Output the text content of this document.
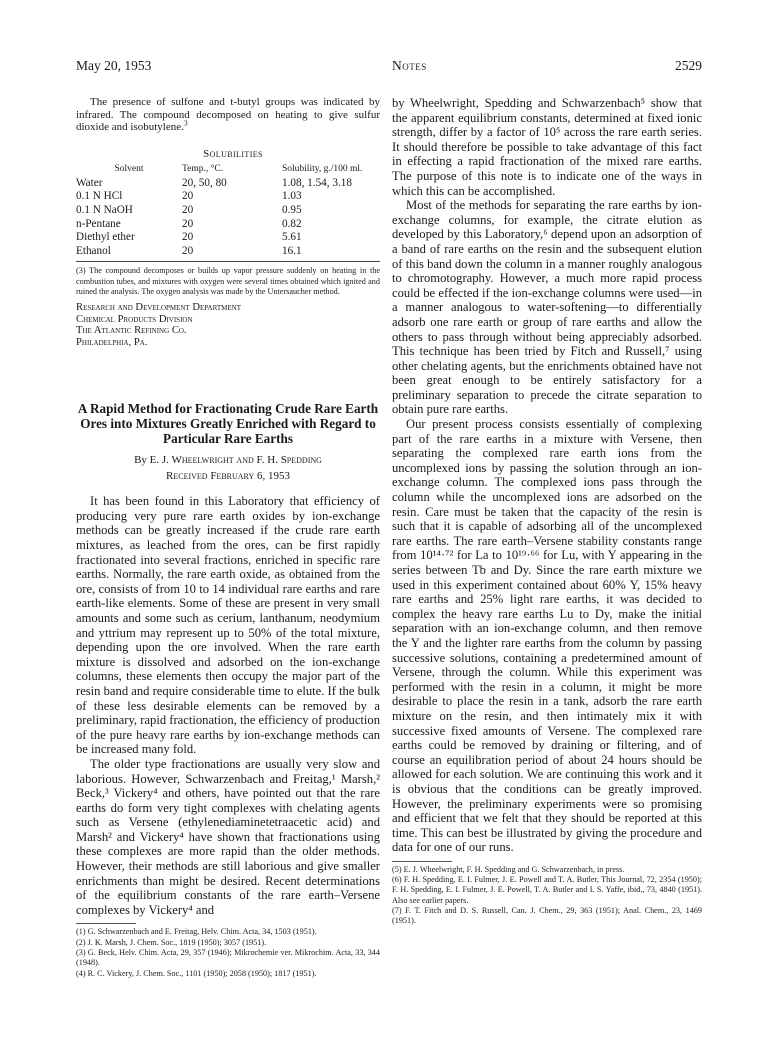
May 20, 1953	Notes	2529

The presence of sulfone and t-butyl groups was indicated by infrared. The compound decomposed on heating to give sulfur dioxide and isobutylene.$^3$

Solubilities
Solvent	Temp., °C.	Solubility, g./100 ml.
Water	20, 50, 80	1.08, 1.54, 3.18
0.1 N HCl	20	1.03
0.1 N NaOH	20	0.95
n-Pentane	20	0.82
Diethyl ether	20	5.61
Ethanol	20	16.1

(3) The compound decomposes or builds up vapor pressure suddenly on heating in the combustion tubes, and mixtures with oxygen were several times obtained which ignited and ruined the analysis. The oxygen analysis was made by the Untersaucher method.

Research and Development Department
Chemical Products Division
The Atlantic Refining Co.
Philadelphia, Pa.
A Rapid Method for Fractionating Crude Rare Earth Ores into Mixtures Greatly Enriched with Regard to Particular Rare Earths
By E. J. Wheelwright and F. H. Spedding
Received February 6, 1953

It has been found in this Laboratory that efficiency of producing very pure rare earth oxides by ion-exchange methods can be greatly increased if the crude rare earth mixtures, as leached from the ores, can be first rapidly fractionated into several fractions, enriched in specific rare earths. Normally, the rare earth oxide, as obtained from the ore, consists of from 10 to 14 individual rare earths and rare earth-like elements. Some of these are present in very small amounts and some such as cerium, lanthanum, neodymium and yttrium may represent up to 50% of the total mixture, depending upon the ore involved. When the rare earth mixture is dissolved and adsorbed on the ion-exchange columns, these elements then occupy the major part of the resin band and require considerable time to elute. If the bulk of these less desirable elements can be removed by a preliminary, rapid fractionation, the efficiency of production of the pure heavy rare earths by ion-exchange methods can be increased many fold.

The older type fractionations are usually very slow and laborious. However, Schwarzenbach and Freitag,¹ Marsh,² Beck,³ Vickery⁴ and others, have pointed out that the rare earths do form very tight complexes with chelating agents such as Versene (ethylenediaminetetraacetic acid) and Marsh² and Vickery⁴ have shown that fractionations using these complexes are more rapid than the older methods. However, their methods are still laborious and give smaller enrichments than might be desired. Recent determinations of the equilibrium constants of the rare earth–Versene complexes by Vickery⁴ and

(1) G. Schwarzenbach and E. Freitag, Helv. Chim. Acta, 34, 1503 (1951).

(2) J. K. Marsh, J. Chem. Soc., 1819 (1950); 3057 (1951).

(3) G. Beck, Helv. Chim. Acta, 29, 357 (1946); Mikrochemie ver. Mikrochim. Acta, 33, 344 (1948).

(4) R. C. Vickery, J. Chem. Soc., 1101 (1950); 2058 (1950); 1817 (1951).

by Wheelwright, Spedding and Schwarzenbach⁵ show that the apparent equilibrium constants, determined at fixed ionic strength, differ by a factor of 10⁵ across the rare earth series. It should therefore be possible to take advantage of this fact in effecting a rapid fractionation of the mixed rare earths. The purpose of this note is to indicate one of the ways in which this can be accomplished.

Most of the methods for separating the rare earths by ion-exchange columns, for example, the citrate elution as developed by this Laboratory,⁶ depend upon an adsorption of a band of rare earths on the resin and the subsequent elution of this band down the column in a manner roughly analogous to chromotography. However, a much more rapid process could be effected if the ion-exchange columns were used—in a manner analogous to water-softening—to differentially adsorb one rare earth or group of rare earths and allow the others to pass through without being appreciably adsorbed. This technique has been tried by Fitch and Russell,⁷ using other chelating agents, but the enrichments obtained have not been great enough to be entirely satisfactory for a preliminary separation to precede the citrate separation to obtain pure rare earths.

Our present process consists essentially of complexing part of the rare earths in a mixture with Versene, then separating the complexed rare earth ions from the uncomplexed ions by passing the solution through an ion-exchange column. The complexed ions pass through the column while the uncomplexed ions are adsorbed on the resin. Care must be taken that the capacity of the resin is such that it is capable of adsorbing all of the uncomplexed rare earths. The rare earth–Versene stability constants range from 10¹⁴·⁷² for La to 10¹⁹·⁶⁶ for Lu, with Y appearing in the series between Tb and Dy. Since the rare earth mixture we used in this experiment contained about 60% Y, 15% heavy rare earths and 25% light rare earths, it was decided to complex the heavy rare earths Lu to Dy, make the initial separation with an ion-exchange column, and then remove the Y and the lighter rare earths from the column by passing successive solutions, containing a predetermined amount of Versene, through the column. While this experiment was performed with the resin in a column, it might be more desirable to place the resin in a tank, adsorb the rare earth mixture on the resin, and then intimately mix it with successive fixed amounts of Versene. The complexed rare earths could be removed by draining or filtering, and of course an equilibration period of about 24 hours should be allowed for each solution. We are continuing this work and it is obvious that the conditions can be greatly improved. However, the preliminary experiments were so promising and efficient that we felt that they should be reported at this time. This can best be illustrated by giving the procedure and data for one of our runs.

(5) E. J. Wheelwright, F. H. Spedding and G. Schwarzenbach, in press.

(6) F. H. Spedding, E. I. Fulmer, J. E. Powell and T. A. Butler, This Journal, 72, 2354 (1950); F. H. Spedding, E. I. Fulmer, J. E. Powell, T. A. Butler and I. S. Yaffe, ibid., 73, 4840 (1951). Also see earlier papers.

(7) F. T. Fitch and D. S. Russell, Can. J. Chem., 29, 363 (1951); Anal. Chem., 23, 1469 (1951).
